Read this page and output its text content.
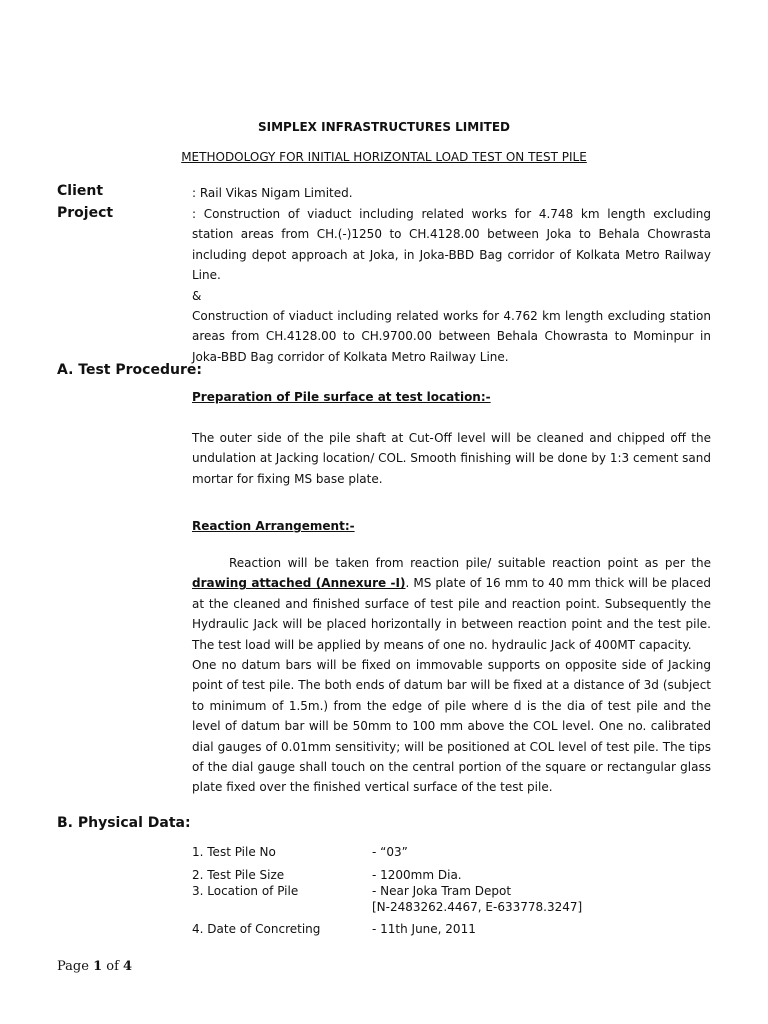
SIMPLEX INFRASTRUCTURES LIMITED
METHODOLOGY FOR INITIAL HORIZONTAL LOAD TEST ON TEST PILE
Client	: Rail Vikas Nigam Limited.
Project	: Construction of viaduct including related works for 4.748 km length excluding station areas from CH.(-)1250 to CH.4128.00 between Joka to Behala Chowrasta including depot approach at Joka, in Joka-BBD Bag corridor of Kolkata Metro Railway Line.

&

Construction of viaduct including related works for 4.762 km length excluding station areas from CH.4128.00 to CH.9700.00 between Behala Chowrasta to Mominpur in Joka-BBD Bag corridor of Kolkata Metro Railway Line.

A. Test Procedure:
Preparation of Pile surface at test location:-

The outer side of the pile shaft at Cut-Off level will be cleaned and chipped off the undulation at Jacking location/ COL. Smooth finishing will be done by 1:3 cement sand mortar for fixing MS base plate.

Reaction Arrangement:-

Reaction will be taken from reaction pile/ suitable reaction point as per the drawing attached (Annexure -I). MS plate of 16 mm to 40 mm thick will be placed at the cleaned and finished surface of test pile and reaction point. Subsequently the Hydraulic Jack will be placed horizontally in between reaction point and the test pile. The test load will be applied by means of one no. hydraulic Jack of 400MT capacity.

One no datum bars will be fixed on immovable supports on opposite side of Jacking point of test pile. The both ends of datum bar will be fixed at a distance of 3d (subject to minimum of 1.5m.) from the edge of pile where d is the dia of test pile and the level of datum bar will be 50mm to 100 mm above the COL level. One no. calibrated dial gauges of 0.01mm sensitivity; will be positioned at COL level of test pile. The tips of the dial gauge shall touch on the central portion of the square or rectangular glass plate fixed over the finished vertical surface of the test pile.

B. Physical Data:
1. Test Pile No	- “03”
2. Test Pile Size	- 1200mm Dia.
3. Location of Pile	- Near Joka Tram Depot
[N-2483262.4467, E-633778.3247]
4. Date of Concreting	- 11th June, 2011
Page 1 of 4
